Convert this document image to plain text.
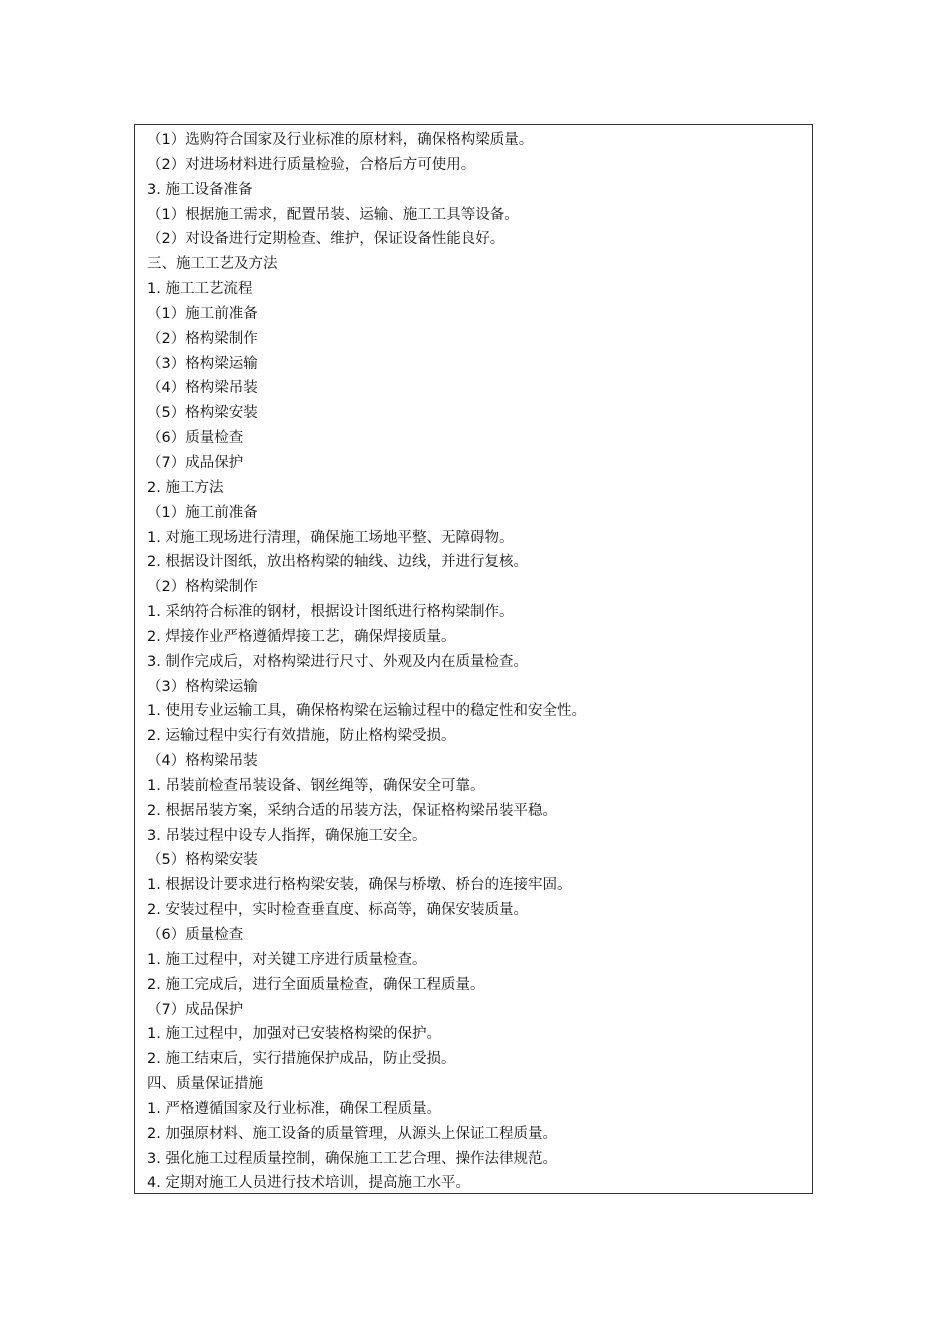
（1）选购符合国家及行业标准的原材料，确保格构梁质量。
（2）对进场材料进行质量检验，合格后方可使用。
3. 施工设备准备
（1）根据施工需求，配置吊装、运输、施工工具等设备。
（2）对设备进行定期检查、维护，保证设备性能良好。
三、施工工艺及方法
1. 施工工艺流程
（1）施工前准备
（2）格构梁制作
（3）格构梁运输
（4）格构梁吊装
（5）格构梁安装
（6）质量检查
（7）成品保护
2. 施工方法
（1）施工前准备
1. 对施工现场进行清理，确保施工场地平整、无障碍物。
2. 根据设计图纸，放出格构梁的轴线、边线，并进行复核。
（2）格构梁制作
1. 采纳符合标准的钢材，根据设计图纸进行格构梁制作。
2. 焊接作业严格遵循焊接工艺，确保焊接质量。
3. 制作完成后，对格构梁进行尺寸、外观及内在质量检查。
（3）格构梁运输
1. 使用专业运输工具，确保格构梁在运输过程中的稳定性和安全性。
2. 运输过程中实行有效措施，防止格构梁受损。
（4）格构梁吊装
1. 吊装前检查吊装设备、钢丝绳等，确保安全可靠。
2. 根据吊装方案，采纳合适的吊装方法，保证格构梁吊装平稳。
3. 吊装过程中设专人指挥，确保施工安全。
（5）格构梁安装
1. 根据设计要求进行格构梁安装，确保与桥墩、桥台的连接牢固。
2. 安装过程中，实时检查垂直度、标高等，确保安装质量。
（6）质量检查
1. 施工过程中，对关键工序进行质量检查。
2. 施工完成后，进行全面质量检查，确保工程质量。
（7）成品保护
1. 施工过程中，加强对已安装格构梁的保护。
2. 施工结束后，实行措施保护成品，防止受损。
四、质量保证措施
1. 严格遵循国家及行业标准，确保工程质量。
2. 加强原材料、施工设备的质量管理，从源头上保证工程质量。
3. 强化施工过程质量控制，确保施工工艺合理、操作法律规范。
4. 定期对施工人员进行技术培训，提高施工水平。
